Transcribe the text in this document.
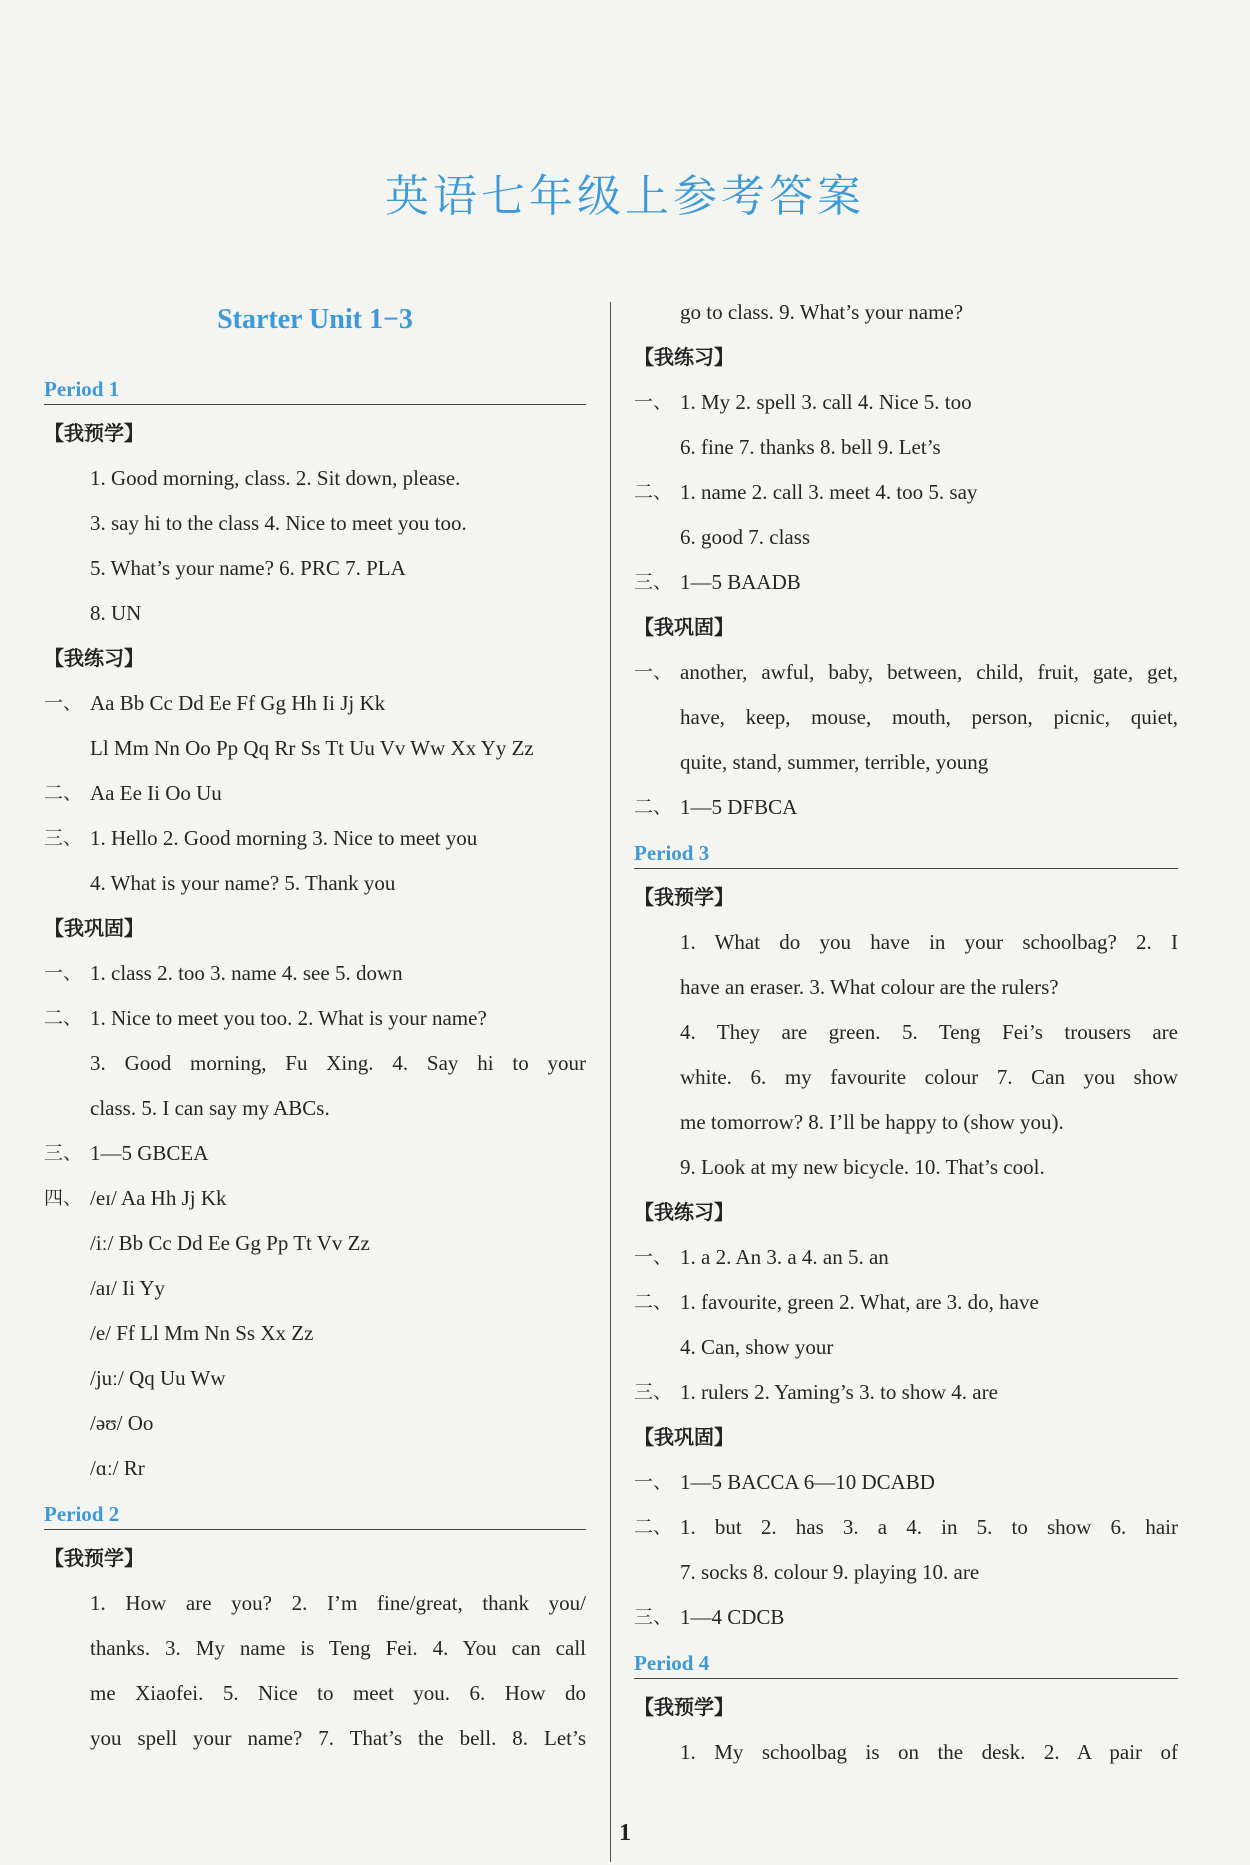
英语七年级上参考答案
Starter Unit 1−3
Period 1
【我预学】
1. Good morning, class. 2. Sit down, please.
3. say hi to the class 4. Nice to meet you too.
5. What’s your name? 6. PRC 7. PLA
8. UN
【我练习】
一、 Aa Bb Cc Dd Ee Ff Gg Hh Ii Jj Kk
Ll Mm Nn Oo Pp Qq Rr Ss Tt Uu Vv Ww Xx Yy Zz
二、 Aa Ee Ii Oo Uu
三、 1. Hello 2. Good morning 3. Nice to meet you
4. What is your name? 5. Thank you
【我巩固】
一、 1. class 2. too 3. name 4. see 5. down
二、 1. Nice to meet you too. 2. What is your name?
3. Good morning, Fu Xing. 4. Say hi to your
class. 5. I can say my ABCs.
三、 1—5 GBCEA
四、 /eɪ/ Aa Hh Jj Kk
/iː/ Bb Cc Dd Ee Gg Pp Tt Vv Zz
/aɪ/ Ii Yy
/e/ Ff Ll Mm Nn Ss Xx Zz
/juː/ Qq Uu Ww
/əʊ/ Oo
/ɑː/ Rr
Period 2
【我预学】
1. How are you? 2. I’m fine/great, thank you/
thanks. 3. My name is Teng Fei. 4. You can call
me Xiaofei. 5. Nice to meet you. 6. How do
you spell your name? 7. That’s the bell. 8. Let’s
go to class. 9. What’s your name?
【我练习】
一、 1. My 2. spell 3. call 4. Nice 5. too
6. fine 7. thanks 8. bell 9. Let’s
二、 1. name 2. call 3. meet 4. too 5. say
6. good 7. class
三、 1—5 BAADB
【我巩固】
一、 another, awful, baby, between, child, fruit, gate, get,
have, keep, mouse, mouth, person, picnic, quiet,
quite, stand, summer, terrible, young
二、 1—5 DFBCA
Period 3
【我预学】
1. What do you have in your schoolbag? 2. I
have an eraser. 3. What colour are the rulers?
4. They are green. 5. Teng Fei’s trousers are
white. 6. my favourite colour 7. Can you show
me tomorrow? 8. I’ll be happy to (show you).
9. Look at my new bicycle. 10. That’s cool.
【我练习】
一、 1. a 2. An 3. a 4. an 5. an
二、 1. favourite, green 2. What, are 3. do, have
4. Can, show your
三、 1. rulers 2. Yaming’s 3. to show 4. are
【我巩固】
一、 1—5 BACCA 6—10 DCABD
二、 1. but 2. has 3. a 4. in 5. to show 6. hair
7. socks 8. colour 9. playing 10. are
三、 1—4 CDCB
Period 4
【我预学】
1. My schoolbag is on the desk. 2. A pair of
1
